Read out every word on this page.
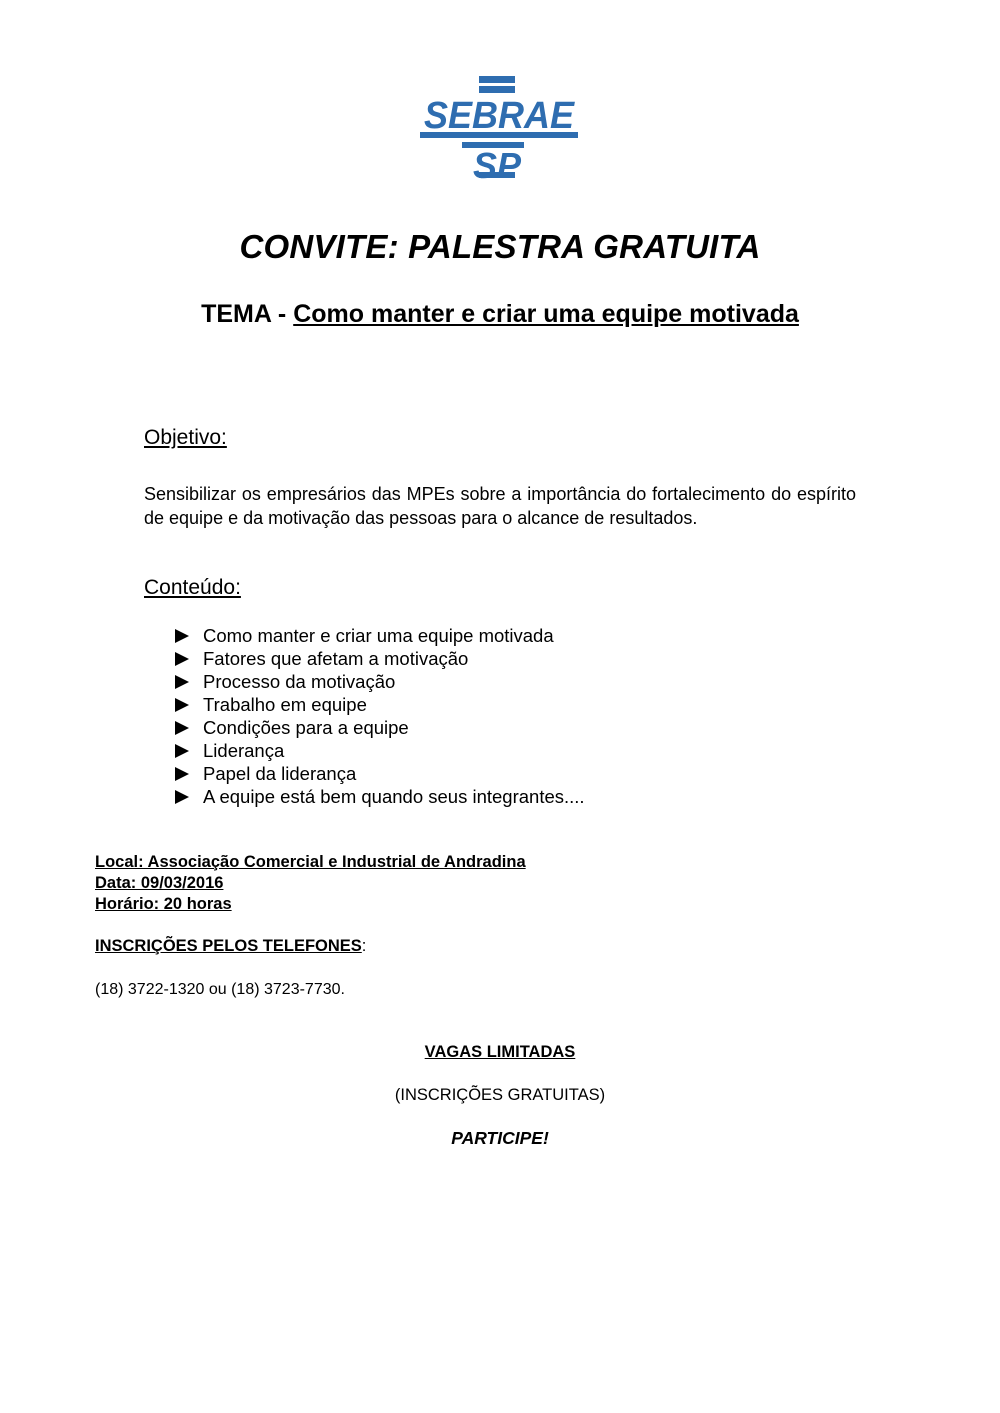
SEBRAE
SP
CONVITE: PALESTRA GRATUITA
TEMA - Como manter e criar uma equipe motivada
Objetivo:
Sensibilizar os empresários das MPEs sobre a importância do fortalecimento do espírito de equipe e da motivação das pessoas para o alcance de resultados.
Conteúdo:
Como manter e criar uma equipe motivada
Fatores que afetam a motivação
Processo da motivação
Trabalho em equipe
Condições para a equipe
Liderança
Papel da liderança
A equipe está bem quando seus integrantes....
Local: Associação Comercial e Industrial de Andradina
Data: 09/03/2016
Horário: 20 horas
INSCRIÇÕES PELOS TELEFONES:
(18) 3722-1320 ou (18) 3723-7730.
VAGAS LIMITADAS
(INSCRIÇÕES GRATUITAS)
PARTICIPE!
